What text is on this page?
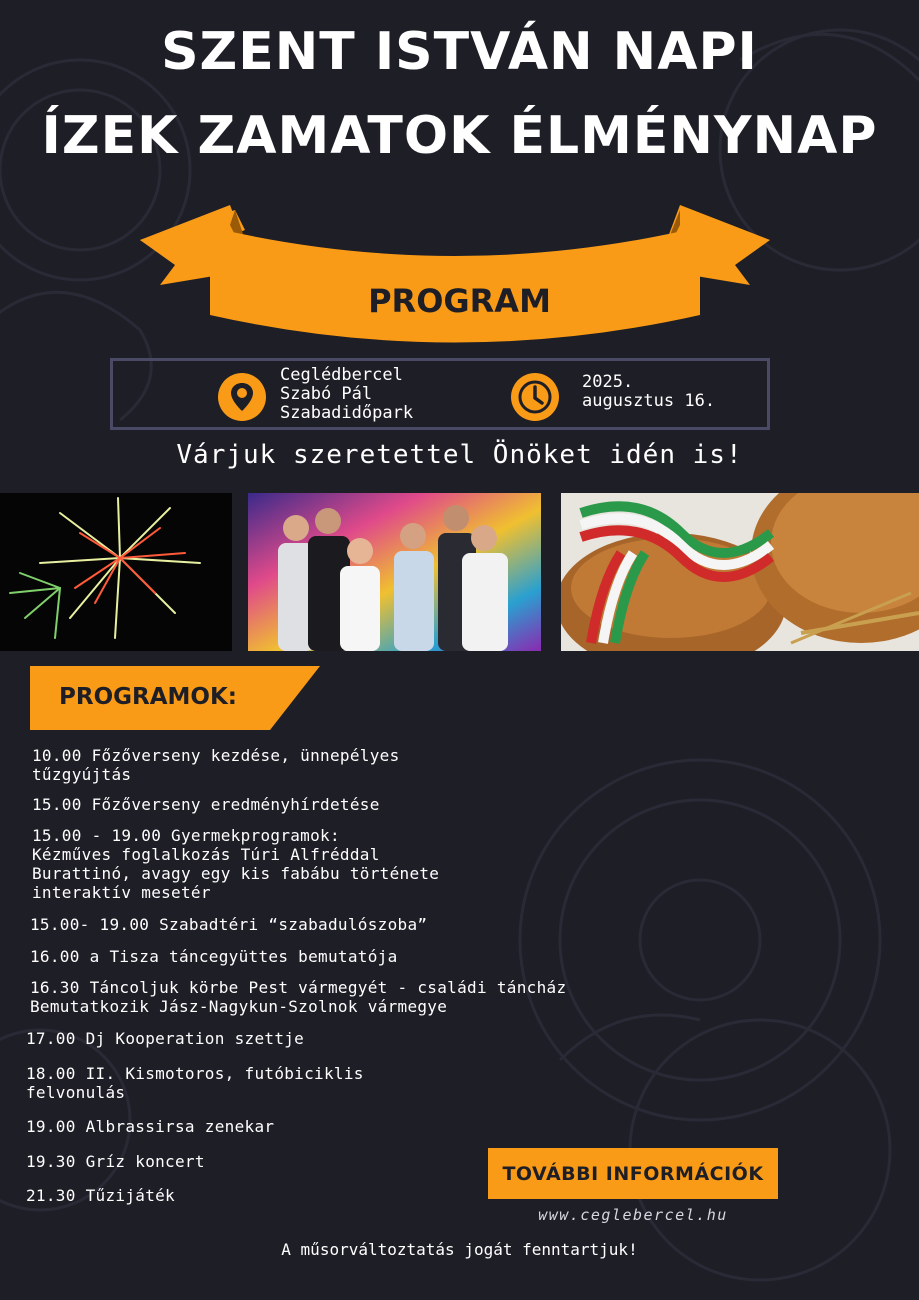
SZENT ISTVÁN NAPI
ÍZEK ZAMATOK ÉLMÉNYNAP
PROGRAM
Ceglédbercel
Szabó Pál
Szabadidőpark
2025.
augusztus 16.
Várjuk szeretettel Önöket idén is!
PROGRAMOK:
10.00 Főzőverseny kezdése, ünnepélyes
tűzgyújtás
15.00 Főzőverseny eredményhírdetése
15.00 - 19.00 Gyermekprogramok:
Kézműves foglalkozás Túri Alfréddal
Burattinó, avagy egy kis fabábu története
interaktív mesetér
15.00- 19.00 Szabadtéri “szabadulószoba”
16.00 a Tisza táncegyüttes bemutatója
16.30 Táncoljuk körbe Pest vármegyét - családi táncház
Bemutatkozik Jász-Nagykun-Szolnok vármegye
17.00 Dj Kooperation szettje
18.00 II. Kismotoros, futóbiciklis
felvonulás
19.00 Albrassirsa zenekar
19.30 Gríz koncert
21.30 Tűzijáték
TOVÁBBI INFORMÁCIÓK
www.ceglebercel.hu
A műsorváltoztatás jogát fenntartjuk!
